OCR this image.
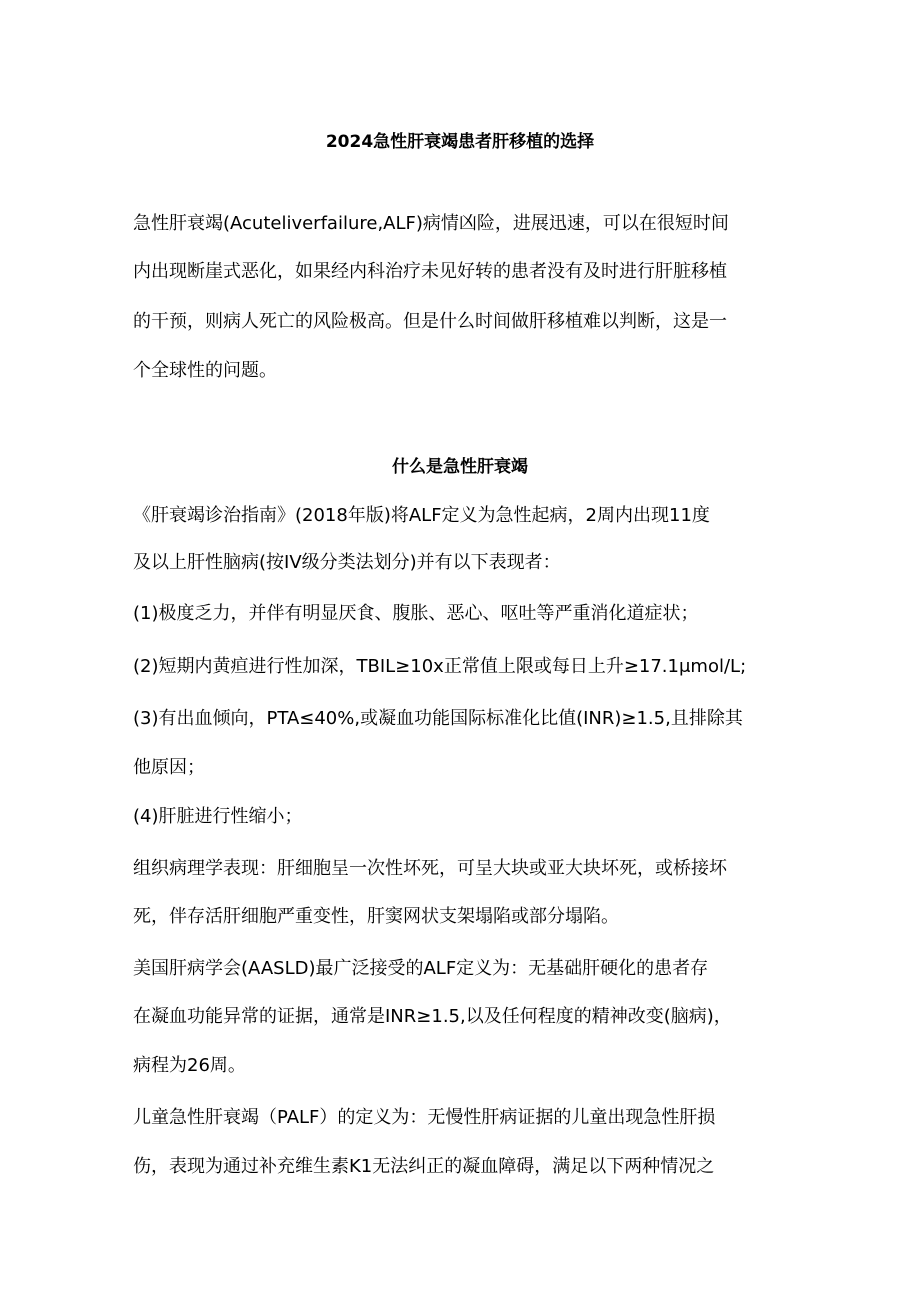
2024急性肝衰竭患者肝移植的选择

急性肝衰竭(Acuteliverfailure,ALF)病情凶险，进展迅速，可以在很短时间

内出现断崖式恶化，如果经内科治疗未见好转的患者没有及时进行肝脏移植

的干预，则病人死亡的风险极高。但是什么时间做肝移植难以判断，这是一

个全球性的问题。

什么是急性肝衰竭

《肝衰竭诊治指南》(2018年版)将ALF定义为急性起病，2周内出现11度

及以上肝性脑病(按IV级分类法划分)并有以下表现者：

(1)极度乏力，并伴有明显厌食、腹胀、恶心、呕吐等严重消化道症状；

(2)短期内黄疸进行性加深，TBIL≥10x正常值上限或每日上升≥17.1μmol/L;

(3)有出血倾向，PTA≤40%,或凝血功能国际标准化比值(INR)≥1.5,且排除其

他原因；

(4)肝脏进行性缩小；

组织病理学表现：肝细胞呈一次性坏死，可呈大块或亚大块坏死，或桥接坏

死，伴存活肝细胞严重变性，肝窦网状支架塌陷或部分塌陷。

美国肝病学会(AASLD)最广泛接受的ALF定义为：无基础肝硬化的患者存

在凝血功能异常的证据，通常是INR≥1.5,以及任何程度的精神改变(脑病)，

病程为26周。

儿童急性肝衰竭（PALF）的定义为：无慢性肝病证据的儿童出现急性肝损

伤，表现为通过补充维生素K1无法纠正的凝血障碍，满足以下两种情况之
